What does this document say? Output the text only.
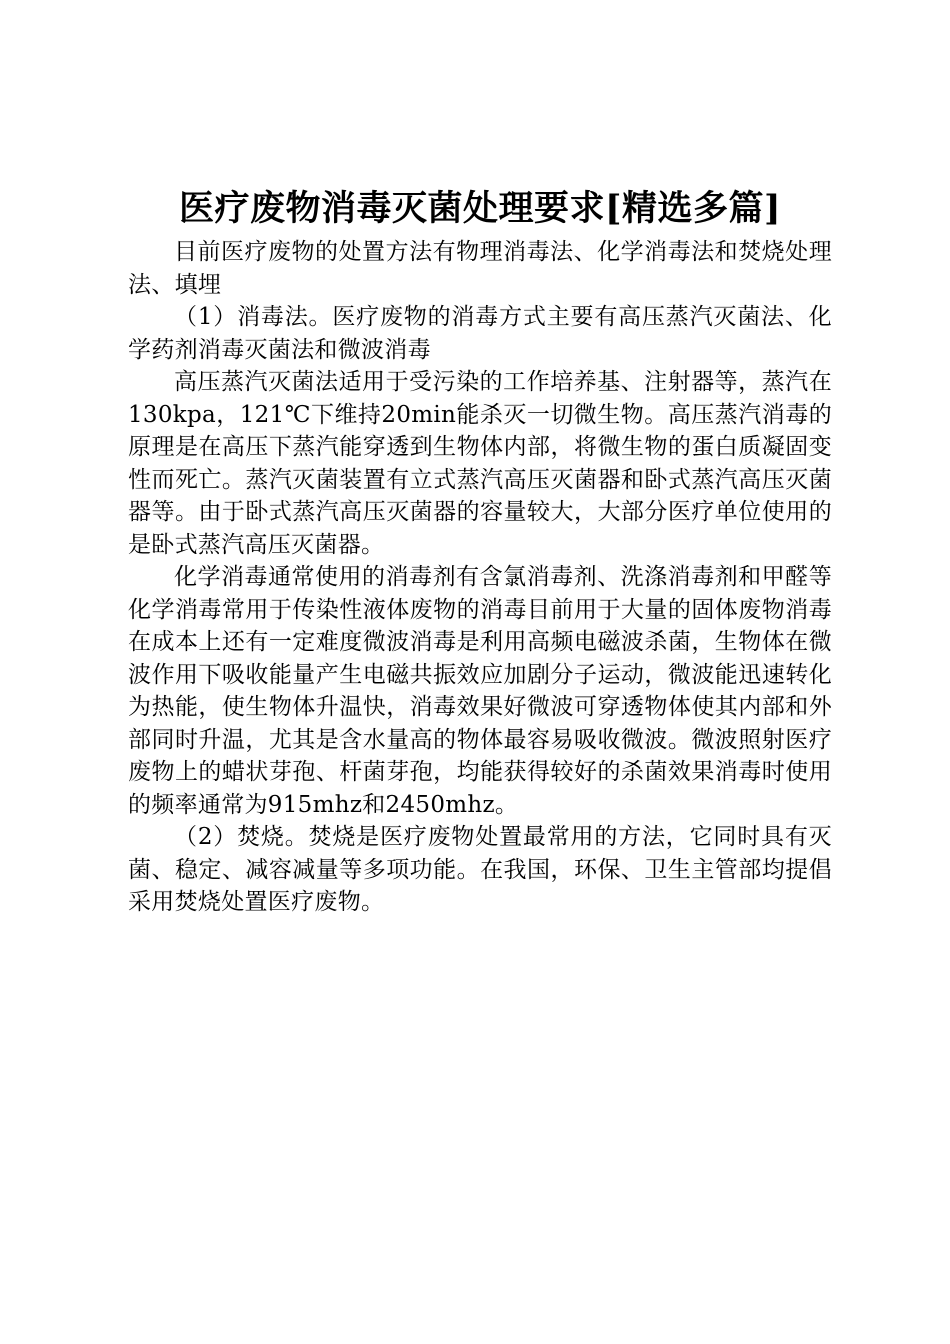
医疗废物消毒灭菌处理要求[精选多篇]

目前医疗废物的处置方法有物理消毒法、化学消毒法和焚烧处理法、填埋

（1）消毒法。医疗废物的消毒方式主要有高压蒸汽灭菌法、化学药剂消毒灭菌法和微波消毒

高压蒸汽灭菌法适用于受污染的工作培养基、注射器等，蒸汽在130kpa，121℃下维持20min能杀灭一切微生物。高压蒸汽消毒的原理是在高压下蒸汽能穿透到生物体内部，将微生物的蛋白质凝固变性而死亡。蒸汽灭菌装置有立式蒸汽高压灭菌器和卧式蒸汽高压灭菌器等。由于卧式蒸汽高压灭菌器的容量较大，大部分医疗单位使用的是卧式蒸汽高压灭菌器。

化学消毒通常使用的消毒剂有含氯消毒剂、洗涤消毒剂和甲醛等化学消毒常用于传染性液体废物的消毒目前用于大量的固体废物消毒在成本上还有一定难度微波消毒是利用高频电磁波杀菌，生物体在微波作用下吸收能量产生电磁共振效应加剧分子运动，微波能迅速转化为热能，使生物体升温快，消毒效果好微波可穿透物体使其内部和外部同时升温，尤其是含水量高的物体最容易吸收微波。微波照射医疗废物上的蜡状芽孢、杆菌芽孢，均能获得较好的杀菌效果消毒时使用的频率通常为915mhz和2450mhz。

（2）焚烧。焚烧是医疗废物处置最常用的方法，它同时具有灭菌、稳定、减容减量等多项功能。在我国，环保、卫生主管部均提倡采用焚烧处置医疗废物。
